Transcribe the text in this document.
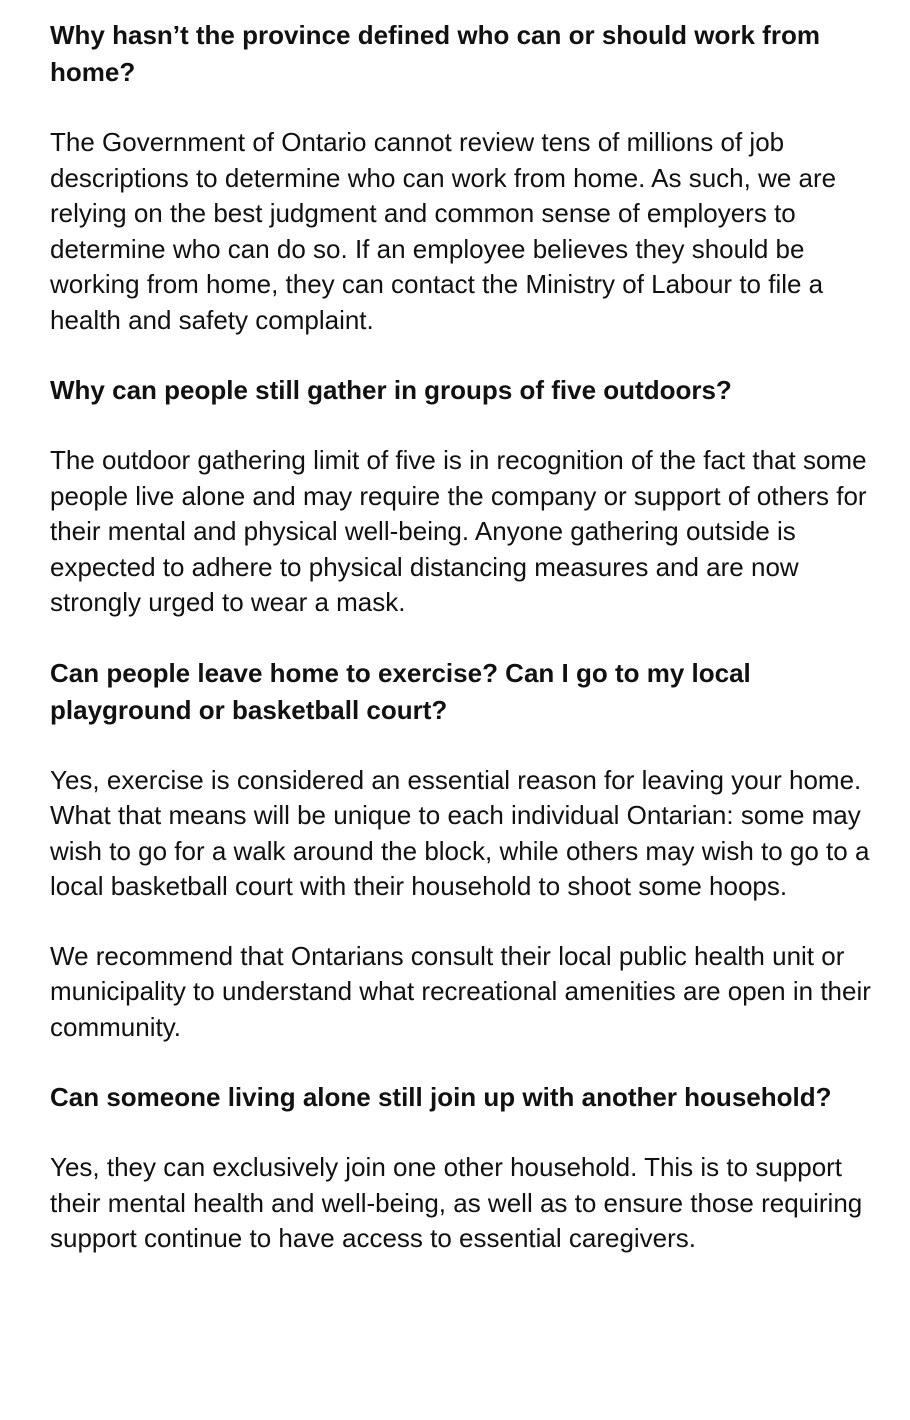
Why hasn’t the province defined who can or should work from home?

The Government of Ontario cannot review tens of millions of job descriptions to determine who can work from home. As such, we are relying on the best judgment and common sense of employers to determine who can do so. If an employee believes they should be working from home, they can contact the Ministry of Labour to file a health and safety complaint.

Why can people still gather in groups of five outdoors?

The outdoor gathering limit of five is in recognition of the fact that some people live alone and may require the company or support of others for their mental and physical well-being. Anyone gathering outside is expected to adhere to physical distancing measures and are now strongly urged to wear a mask.

Can people leave home to exercise? Can I go to my local playground or basketball court?

Yes, exercise is considered an essential reason for leaving your home. What that means will be unique to each individual Ontarian: some may wish to go for a walk around the block, while others may wish to go to a local basketball court with their household to shoot some hoops.

We recommend that Ontarians consult their local public health unit or municipality to understand what recreational amenities are open in their community.

Can someone living alone still join up with another household?

Yes, they can exclusively join one other household. This is to support their mental health and well-being, as well as to ensure those requiring support continue to have access to essential caregivers.
